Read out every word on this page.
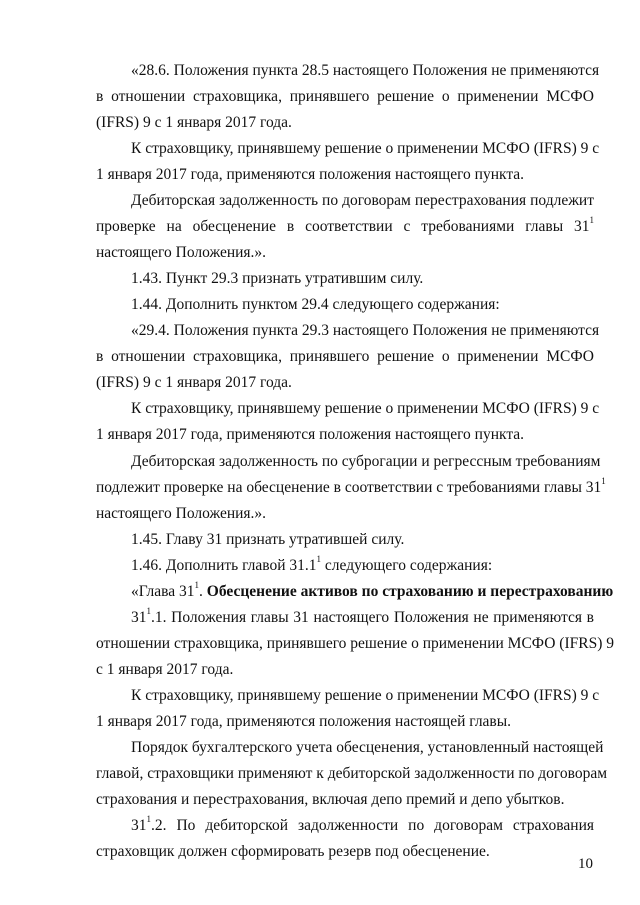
«28.6. Положения пункта 28.5 настоящего Положения не применяются
в отношении страховщика, принявшего решение о применении МСФО
(IFRS) 9 с 1 января 2017 года.
К страховщику, принявшему решение о применении МСФО (IFRS) 9 с
1 января 2017 года, применяются положения настоящего пункта.
Дебиторская задолженность по договорам перестрахования подлежит
проверке на обесценение в соответствии с требованиями главы $31^1$
настоящего Положения.».
1.43. Пункт 29.3 признать утратившим силу.
1.44. Дополнить пунктом 29.4 следующего содержания:
«29.4. Положения пункта 29.3 настоящего Положения не применяются
в отношении страховщика, принявшего решение о применении МСФО
(IFRS) 9 с 1 января 2017 года.
К страховщику, принявшему решение о применении МСФО (IFRS) 9 с
1 января 2017 года, применяются положения настоящего пункта.
Дебиторская задолженность по суброгации и регрессным требованиям
подлежит проверке на обесценение в соответствии с требованиями главы $31^1$
настоящего Положения.».
1.45. Главу 31 признать утратившей силу.
1.46. Дополнить главой 31.1$^1$ следующего содержания:
«Глава $31^1$. Обесценение активов по страхованию и перестрахованию
$31^1.1$. Положения главы 31 настоящего Положения не применяются в
отношении страховщика, принявшего решение о применении МСФО (IFRS) 9
с 1 января 2017 года.
К страховщику, принявшему решение о применении МСФО (IFRS) 9 с
1 января 2017 года, применяются положения настоящей главы.
Порядок бухгалтерского учета обесценения, установленный настоящей
главой, страховщики применяют к дебиторской задолженности по договорам
страхования и перестрахования, включая депо премий и депо убытков.
$31^1.2$. По дебиторской задолженности по договорам страхования
страховщик должен сформировать резерв под обесценение.
10
